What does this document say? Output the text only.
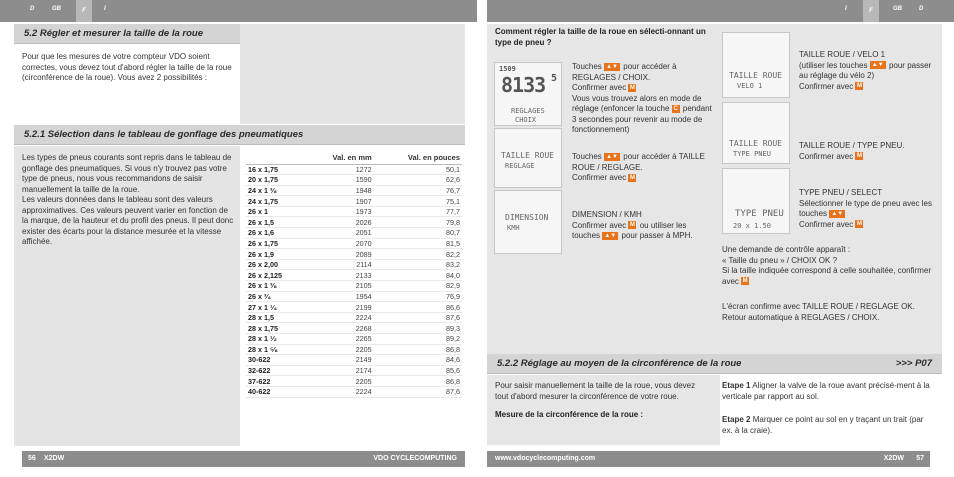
D	GB	F	I	I	F	GB	D
5.2 Régler et mesurer la taille de la roue

Pour que les mesures de votre compteur VDO soient correctes, vous devez tout d'abord régler la taille de la roue (circonférence de la roue). Vous avez 2 possibilités :

5.2.1 Sélection dans le tableau de gonflage des pneumatiques

Les types de pneus courants sont repris dans le tableau de gonflage des pneumatiques. Si vous n'y trouvez pas votre type de pneus, nous vous recommandons de saisir manuellement la taille de la roue.

Les valeurs données dans le tableau sont des valeurs approximatives. Ces valeurs peuvent varier en fonction de la marque, de la hauteur et du profil des pneus. Il peut donc exister des écarts pour la distance mesurée et la vitesse affichée.

	Val. en mm	Val. en pouces
16 x 1,75	1272	50,1
20 x 1,75	1590	62,6
24 x 1 ³⁄₈	1948	76,7
24 x 1,75	1907	75,1
26 x 1	1973	77,7
26 x 1,5	2026	79,8
26 x 1,6	2051	80,7
26 x 1,75	2070	81,5
26 x 1,9	2089	82,2
26 x 2,00	2114	83,2
26 x 2,125	2133	84,0
26 x 1 ³⁄₈	2105	82,9
26 x ³⁄₄	1954	76,9
27 x 1 ¹⁄₄	2199	86,6
28 x 1,5	2224	87,6
28 x 1,75	2268	89,3
28 x 1 ¹⁄₂	2265	89,2
28 x 1 ⁵⁄₈	2205	86,8
30-622	2149	84,6
32-622	2174	85,6
37-622	2205	86,8
40-622	2224	87,6
56 X2DW	VDO CYCLECOMPUTING

Comment régler la taille de la roue en sélecti-onnant un type de pneu ?

1509
8133 5
REGLAGES
CHOIX
TAILLE ROUE
REGLAGE
DIMENSION
KMH
Touches ▲▼ pour accéder à REGLAGES / CHOIX.
Confirmer avec M
Vous vous trouvez alors en mode de réglage (enfoncer la touche C pendant 3 secondes pour revenir au mode de fonctionnement)
Touches ▲▼ pour accéder à TAILLE ROUE / REGLAGE.
Confirmer avec M
DIMENSION / KMH
Confirmer avec M ou utiliser les touches ▲▼ pour passer à MPH.
TAILLE ROUE
VELO 1
TAILLE ROUE
TYPE PNEU
TYPE PNEU
20 x 1.50
TAILLE ROUE / VELO 1
(utiliser les touches ▲▼ pour passer au réglage du vélo 2)
Confirmer avec M
TAILLE ROUE / TYPE PNEU.
Confirmer avec M
TYPE PNEU / SELECT
Sélectionner le type de pneu avec les touches ▲▼
Confirmer avec M
Une demande de contrôle apparaît :
« Taille du pneu » / CHOIX OK ?
Si la taille indiquée correspond à celle souhaitée, confirmer avec M
L'écran confirme avec TAILLE ROUE / REGLAGE OK.
Retour automatique à REGLAGES / CHOIX.
5.2.2 Réglage au moyen de la circonférence de la roue	>>> P07

Pour saisir manuellement la taille de la roue, vous devez tout d'abord mesurer la circonférence de votre roue.

Mesure de la circonférence de la roue :

Etape 1 Aligner la valve de la roue avant précisé-ment à la verticale par rapport au sol.
Etape 2 Marquer ce point au sol en y traçant un trait (par ex. à la craie).
www.vdocyclecomputing.com	X2DW 57
